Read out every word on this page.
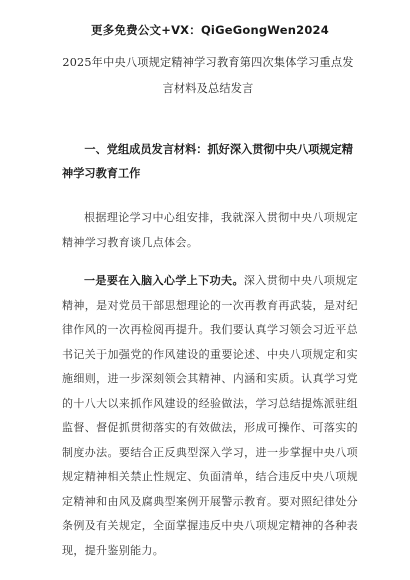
更多免费公文+VX：QiGeGongWen2024
2025年中央八项规定精神学习教育第四次集体学习重点发
言材料及总结发言
一、党组成员发言材料：抓好深入贯彻中央八项规定精神学习教育工作

根据理论学习中心组安排，我就深入贯彻中央八项规定精神学习教育谈几点体会。

一是要在入脑入心学上下功夫。深入贯彻中央八项规定精神，是对党员干部思想理论的一次再教育再武装，是对纪律作风的一次再检阅再提升。我们要认真学习领会习近平总书记关于加强党的作风建设的重要论述、中央八项规定和实施细则，进一步深刻领会其精神、内涵和实质。认真学习党的十八大以来抓作风建设的经验做法，学习总结提炼派驻组监督、督促抓贯彻落实的有效做法，形成可操作、可落实的制度办法。要结合正反典型深入学习，进一步掌握中央八项规定精神相关禁止性规定、负面清单，结合违反中央八项规定精神和由风及腐典型案例开展警示教育。要对照纪律处分条例及有关规定，全面掌握违反中央八项规定精神的各种表现，提升鉴别能力。
